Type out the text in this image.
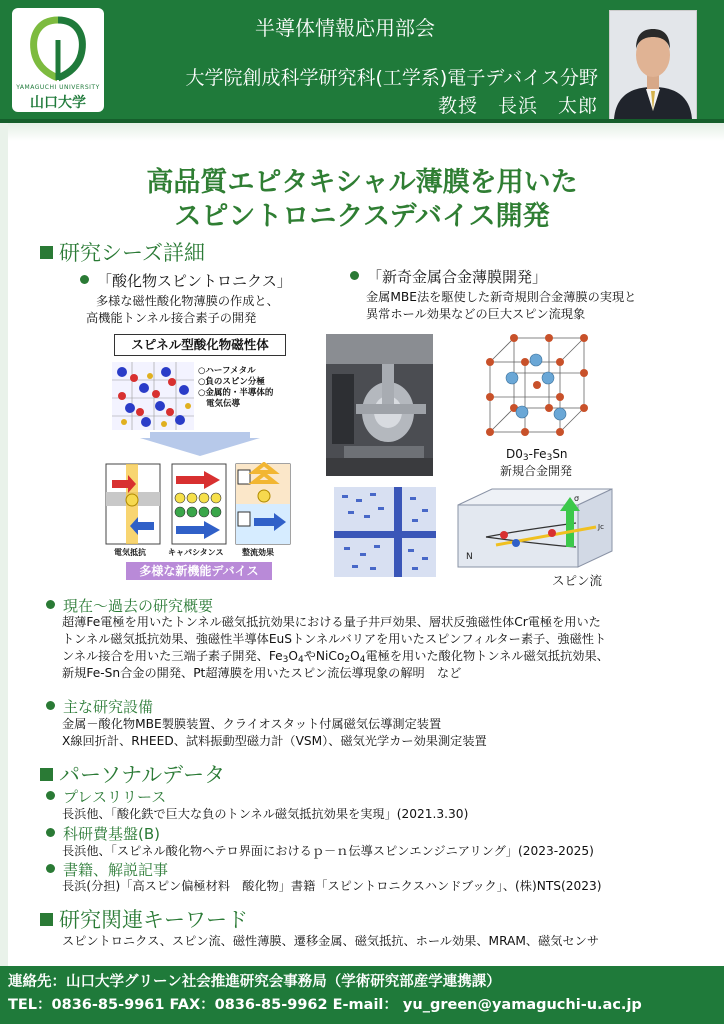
YAMAGUCHI UNIVERSITY
山口大学
半導体情報応用部会
大学院創成科学研究科(工学系)電子デバイス分野
教授　長浜　太郎
高品質エピタキシャル薄膜を用いた
スピントロニクスデバイス開発
研究シーズ詳細
「酸化物スピントロニクス」
多様な磁性酸化物薄膜の作成と、
高機能トンネル接合素子の開発
「新奇金属合金薄膜開発」
金属MBE法を駆使した新奇規則合金薄膜の実現と
異常ホール効果などの巨大スピン流現象
スピネル型酸化物磁性体
○ハーフメタル
○負のスピン分極
○金属的・半導体的
電気伝導
電気抵抗	キャパシタンス 整流効果
多様な新機能デバイス
$D0_3-Fe_3Sn$
新規合金開発
N
σ
Jc
スピン流
現在～過去の研究概要
超薄Fe電極を用いたトンネル磁気抵抗効果における量子井戸効果、層状反強磁性体Cr電極を用いた
トンネル磁気抵抗効果、強磁性半導体EuSトンネルバリアを用いたスピンフィルター素子、強磁性ト
ンネル接合を用いた三端子素子開発、$Fe_3O_4$や$NiCo_2O_4$電極を用いた酸化物トンネル磁気抵抗効果、
新規Fe-Sn合金の開発、Pt超薄膜を用いたスピン流伝導現象の解明　など
主な研究設備
金属－酸化物MBE製膜装置、クライオスタット付属磁気伝導測定装置
X線回折計、RHEED、試料振動型磁力計（VSM）、磁気光学カー効果測定装置
パーソナルデータ
プレスリリース
長浜他、「酸化鉄で巨大な負のトンネル磁気抵抗効果を実現」(2021.3.30)
科研費基盤(B)
長浜他、「スピネル酸化物ヘテロ界面におけるｐ－ｎ伝導スピンエンジニアリング」(2023-2025)
書籍、解説記事
長浜(分担)「高スピン偏極材料　酸化物」書籍「スピントロニクスハンドブック」、(株)NTS(2023)
研究関連キーワード
スピントロニクス、スピン流、磁性薄膜、遷移金属、磁気抵抗、ホール効果、MRAM、磁気センサ
連絡先：山口大学グリーン社会推進研究会事務局（学術研究部産学連携課）
TEL：0836-85-9961 FAX：0836-85-9962 E-mail： yu_green@yamaguchi-u.ac.jp
